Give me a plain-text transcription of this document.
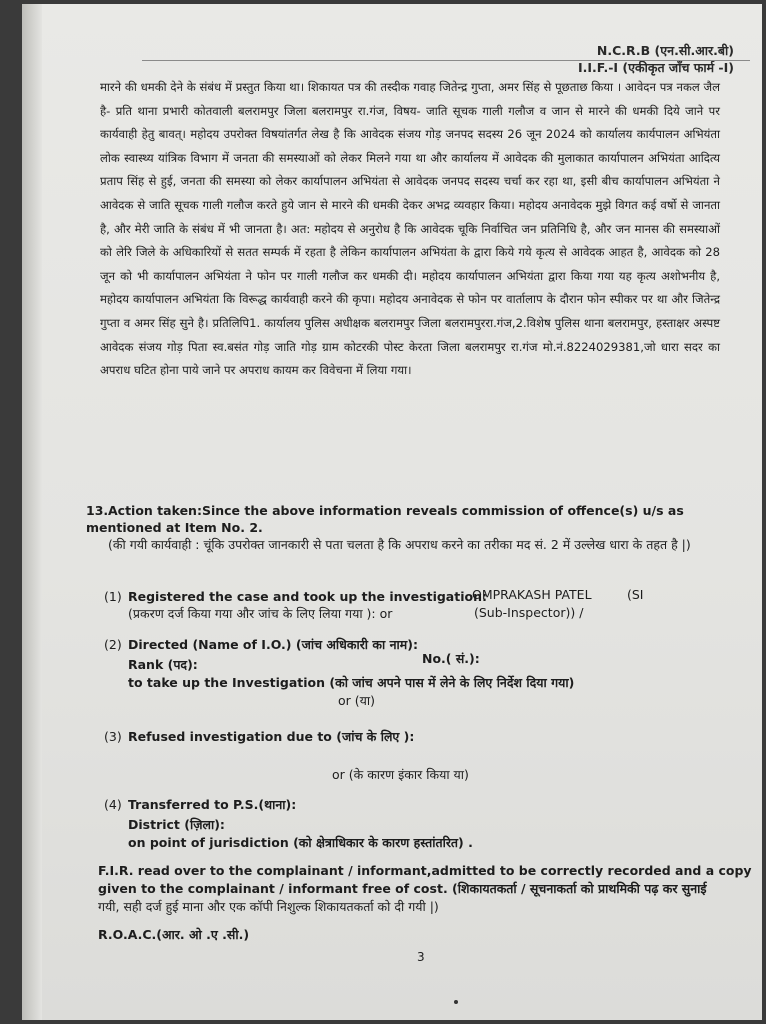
N.C.R.B (एन.सी.आर.बी)
I.I.F.-I (एकीकृत जाँच फार्म -I)
मारने की धमकी देने के संबंध में प्रस्तुत किया था। शिकायत पत्र की तस्दीक गवाह जितेन्द्र गुप्ता, अमर सिंह से पूछताछ किया । आवेदन पत्र नकल जैल है- प्रति थाना प्रभारी कोतवाली बलरामपुर जिला बलरामपुर रा.गंज, विषय- जाति सूचक गाली गलौज व जान से मारने की धमकी दिये जाने पर कार्यवाही हेतु बावत्। महोदय उपरोक्त विषयांतर्गत लेख है कि आवेदक संजय गोड़ जनपद सदस्य 26 जून 2024 को कार्यालय कार्यपालन अभियंता लोक स्वास्थ्य यांत्रिक विभाग में जनता की समस्याओं को लेकर मिलने गया था और कार्यालय में आवेदक की मुलाकात कार्यापालन अभियंता आदित्य प्रताप सिंह से हुई, जनता की समस्या को लेकर कार्यापालन अभियंता से आवेदक जनपद सदस्य चर्चा कर रहा था, इसी बीच कार्यापालन अभियंता ने आवेदक से जाति सूचक गाली गलौज करते हुये जान से मारने की धमकी देकर अभद्र व्यवहार किया। महोदय अनावेदक मुझे विगत कई वर्षो से जानता है, और मेरी जाति के संबंध में भी जानता है। अत: महोदय से अनुरोध है कि आवेदक चूकि निर्वाचित जन प्रतिनिधि है, और जन मानस की समस्याओं को लेरि जिले के अधिकारियों से सतत सम्पर्क में रहता है लेकिन कार्यापालन अभियंता के द्वारा किये गये कृत्य से आवेदक आहत है, आवेदक को 28 जून को भी कार्यापालन अभियंता ने फोन पर गाली गलौज कर धमकी दी। महोदय कार्यापालन अभियंता द्वारा किया गया यह कृत्य अशोभनीय है, महोदय कार्यापालन अभियंता कि विरूद्ध कार्यवाही करने की कृपा। महोदय अनावेदक से फोन पर वार्तालाप के दौरान फोन स्पीकर पर था और जितेन्द्र गुप्ता व अमर सिंह सुने है। प्रतिलिपि1. कार्यालय पुलिस अधीक्षक बलरामपुर जिला बलरामपुररा.गंज,2.विशेष पुलिस थाना बलरामपुर, हस्ताक्षर अस्पष्ट आवेदक संजय गोड़ पिता स्व.बसंत गोड़ जाति गोड़ ग्राम कोटरकी पोस्ट केरता जिला बलरामपुर रा.गंज मो.नं.8224029381,जो धारा सदर का अपराध घटित होना पाये जाने पर अपराध कायम कर विवेचना में लिया गया।
13.Action taken:Since the above information reveals commission of offence(s) u/s as mentioned at Item No. 2.
(की गयी कार्यवाही : चूंकि उपरोक्त जानकारी से पता चलता है कि अपराध करने का तरीका मद सं. 2 में उल्लेख धारा के तहत है |)
(1) Registered the case and took up the investigation:
(प्रकरण दर्ज किया गया और जांच के लिए लिया गया ): or
OMPRAKASH PATEL	(SI
(Sub-Inspector)) /
(2) Directed (Name of I.O.) (जांच अधिकारी का नाम):
Rank (पद):	No.( सं.):
to take up the Investigation (को जांच अपने पास में लेने के लिए निर्देश दिया गया)
or (या)
(3) Refused investigation due to (जांच के लिए ):
or (के कारण इंकार किया या)
(4) Transferred to P.S.(थाना):
District (ज़िला):
on point of jurisdiction (को क्षेत्राधिकार के कारण हस्तांतरित) .
F.I.R. read over to the complainant / informant,admitted to be correctly recorded and a copy
given to the complainant / informant free of cost. (शिकायतकर्ता / सूचनाकर्ता को प्राथमिकी पढ़ कर सुनाई
गयी, सही दर्ज हुई माना और एक कॉपी निशुल्क शिकायतकर्ता को दी गयी |)
R.O.A.C.(आर. ओ .ए .सी.)
3
